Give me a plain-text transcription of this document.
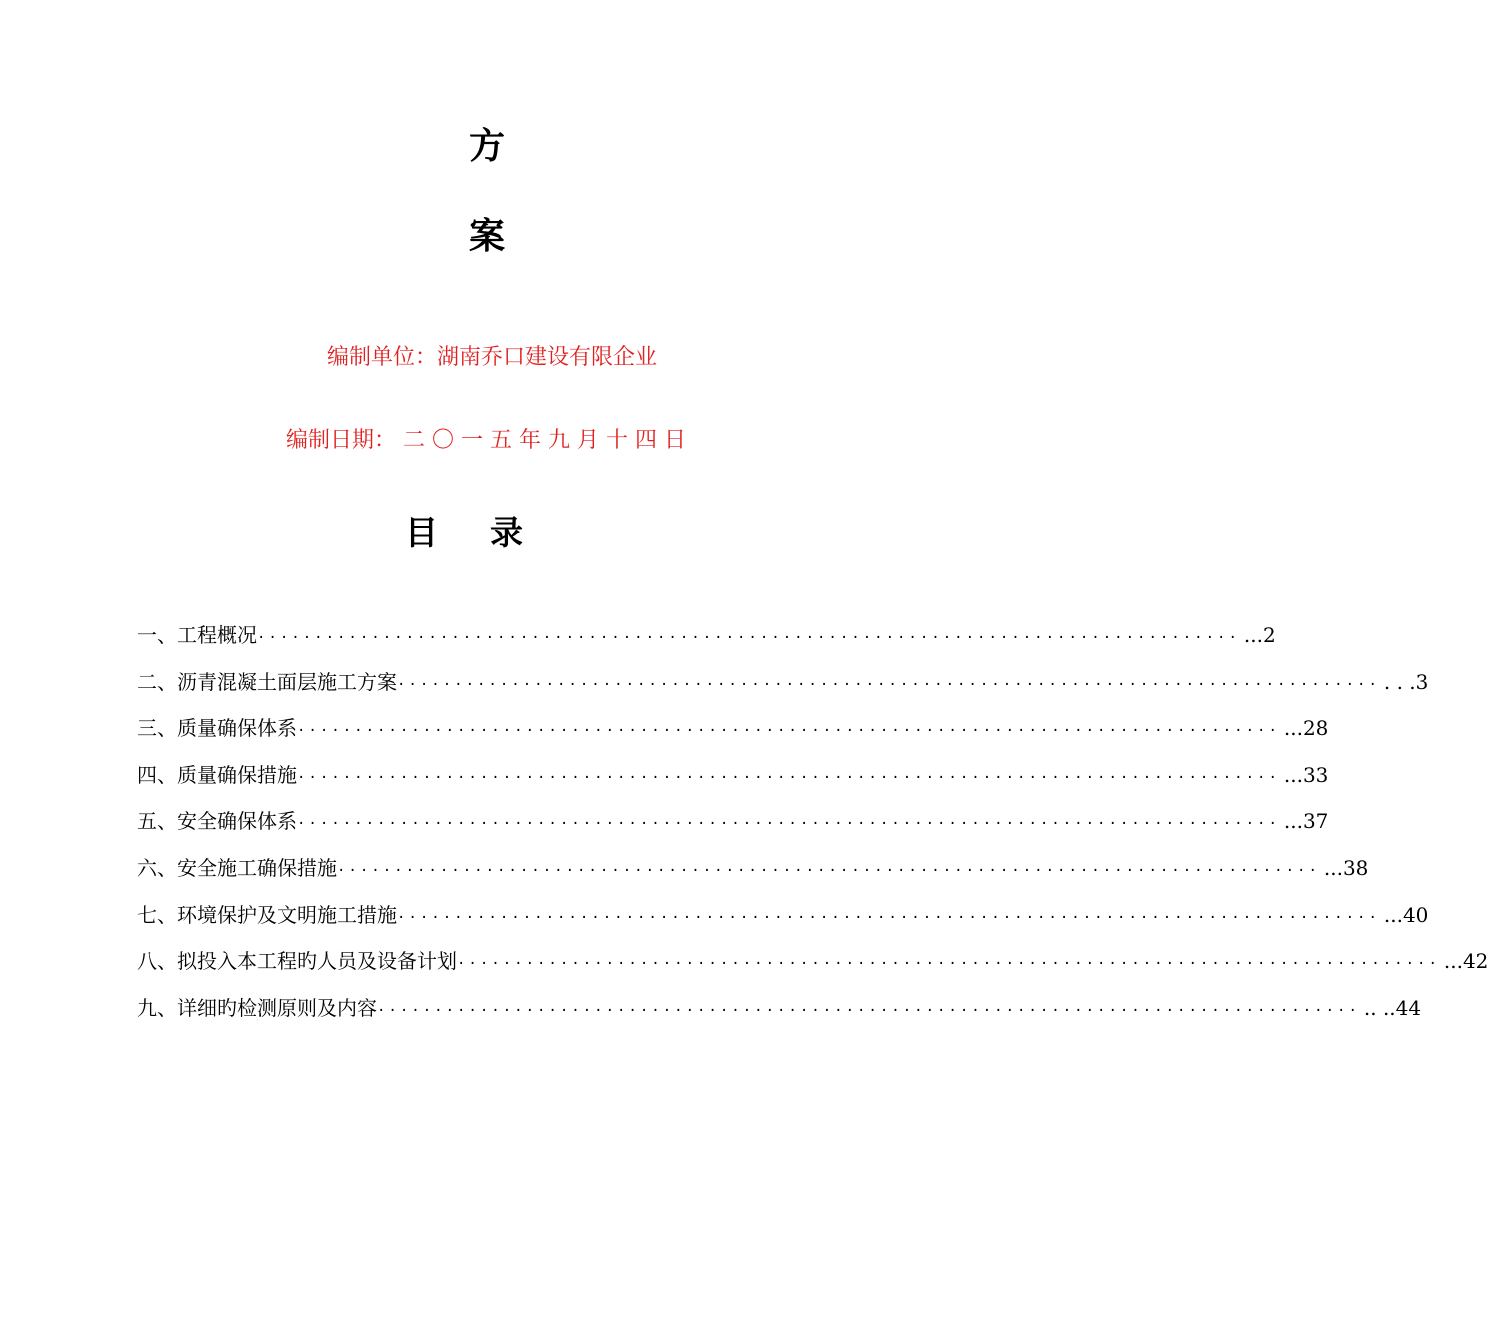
方
案
编制单位：湖南乔口建设有限企业
编制日期： 二 〇 一 五 年 九 月 十 四 日
目录
一、工程概况 ...................................................................................... ...2
二、沥青混凝土面层施工方案 ...................................................................................... . . .3
三、质量确保体系 ...................................................................................... ...28
四、质量确保措施 ...................................................................................... ...33
五、安全确保体系 ...................................................................................... ...37
六、安全施工确保措施 ...................................................................................... ...38
七、环境保护及文明施工措施 ...................................................................................... ...40
八、拟投入本工程旳人员及设备计划 ...................................................................................... ...42
九、详细旳检测原则及内容 ...................................................................................... .. ..44
